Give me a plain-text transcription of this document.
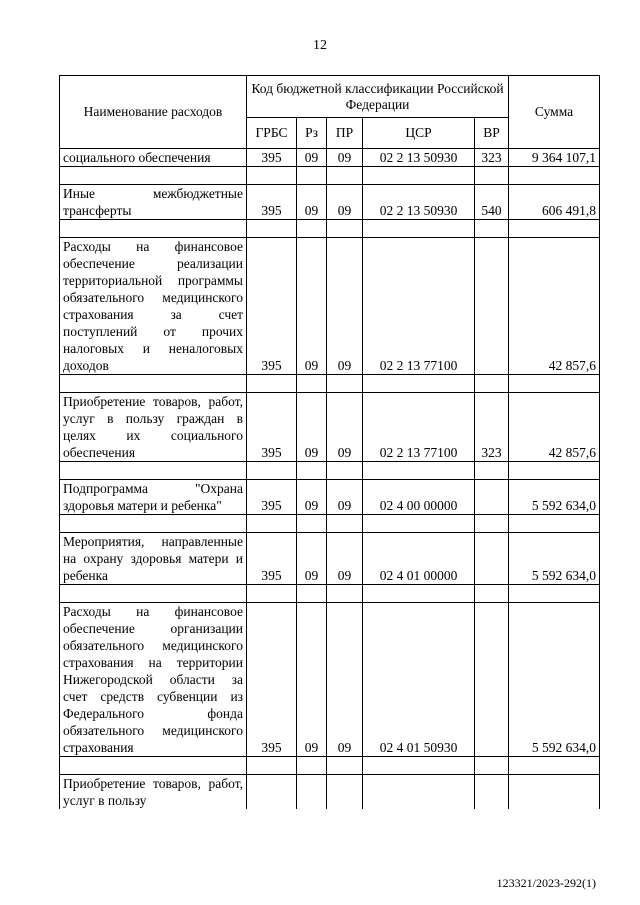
12
Наименование расходов	Код бюджетной классификации Российской Федерации					Сумма
	ГРБС	Рз	ПР	ЦСР	ВР	
социального обеспечения	395	09	09	02 2 13 50930	323	9 364 107,1

Иные межбюджетные трансферты	395	09	09	02 2 13 50930	540	606 491,8

Расходы на финансовое обеспечение реализации территориальной программы обязательного медицинского страхования за счет поступлений от прочих налоговых и неналоговых доходов	395	09	09	02 2 13 77100		42 857,6

Приобретение товаров, работ, услуг в пользу граждан в целях их социального обеспечения	395	09	09	02 2 13 77100	323	42 857,6

Подпрограмма "Охрана здоровья матери и ребенка"	395	09	09	02 4 00 00000		5 592 634,0

Мероприятия, направленные на охрану здоровья матери и ребенка	395	09	09	02 4 01 00000		5 592 634,0

Расходы на финансовое обеспечение организации обязательного медицинского страхования на территории Нижегородской области за счет средств субвенции из Федерального фонда обязательного медицинского страхования	395	09	09	02 4 01 50930		5 592 634,0

Приобретение товаров, работ, услуг в пользу						
123321/2023-292(1)
